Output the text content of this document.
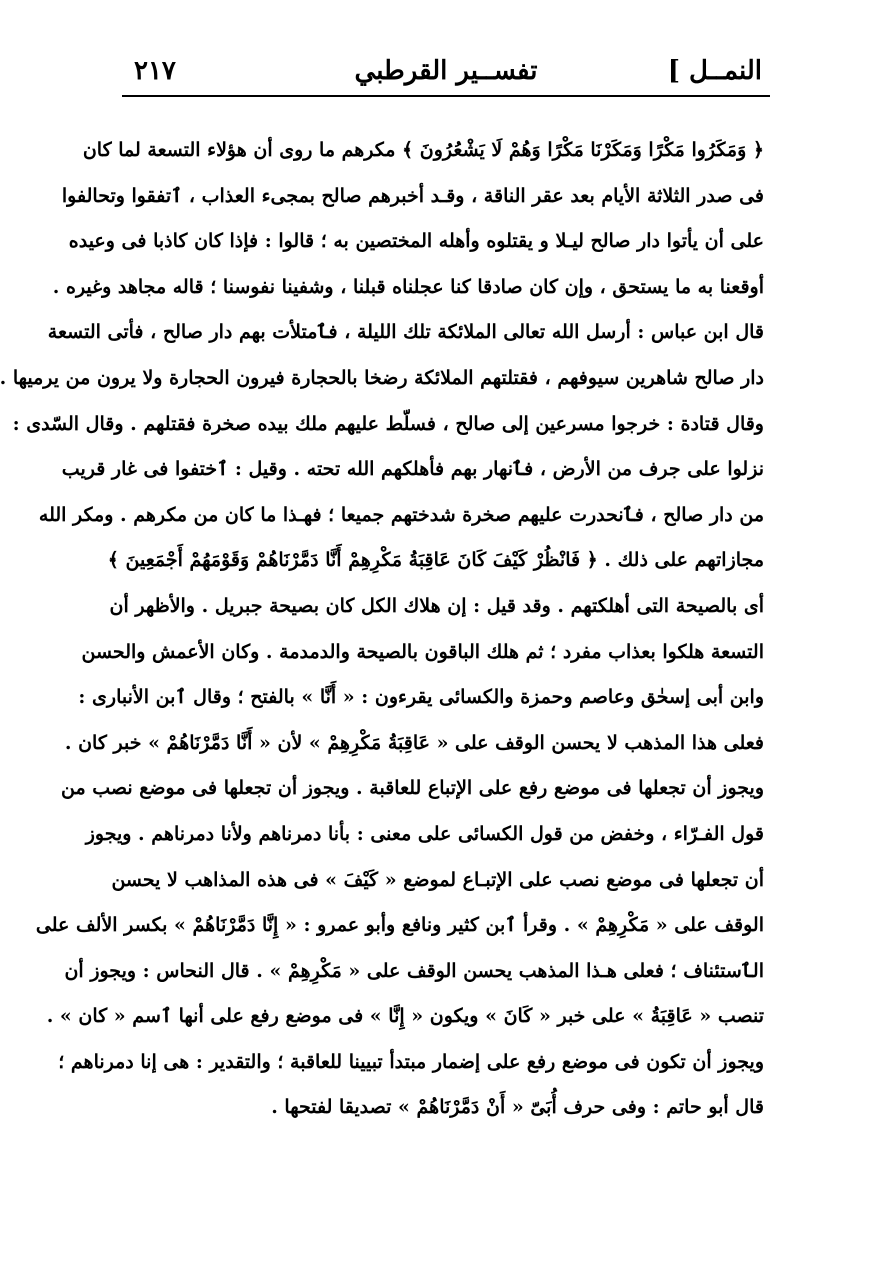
النمــل ]
تفســير القرطبي
٢١٧
﴿ وَمَكَرُوا مَكْرًا وَمَكَرْنَا مَكْرًا وَهُمْ لَا يَشْعُرُونَ ﴾ مكرهم ما روى أن هؤلاء التسعة لما كان
فى صدر الثلاثة الأيام بعد عقر الناقة ، وقـد أخبرهم صالح بمجىء العذاب ، ٱتفقوا وتحالفوا
على أن يأتوا دار صالح ليـلا و يقتلوه وأهله المختصين به ؛ قالوا : فإذا كان كاذبا فى وعيده
أوقعنا به ما يستحق ، وإن كان صادقا كنا عجلناه قبلنا ، وشفينا نفوسنا ؛ قاله مجاهد وغيره .
قال ابن عباس : أرسل الله تعالى الملائكة تلك الليلة ، فٱمتلأت بهم دار صالح ، فأتى التسعة
دار صالح شاهرين سيوفهم ، فقتلتهم الملائكة رضخا بالحجارة فيرون الحجارة ولا يرون من يرميها .
وقال قتادة : خرجوا مسرعين إلى صالح ، فسلّط عليهم ملك بيده صخرة فقتلهم . وقال السّدى :
نزلوا على جرف من الأرض ، فٱنهار بهم فأهلكهم الله تحته . وقيل : ٱختفوا فى غار قريب
من دار صالح ، فٱنحدرت عليهم صخرة شدختهم جميعا ؛ فهـذا ما كان من مكرهم . ومكر الله
مجازاتهم على ذلك . ﴿ فَانْظُرْ كَيْفَ كَانَ عَاقِبَةُ مَكْرِهِمْ أَنَّا دَمَّرْنَاهُمْ وَقَوْمَهُمْ أَجْمَعِينَ ﴾
أى بالصيحة التى أهلكتهم . وقد قيل : إن هلاك الكل كان بصيحة جبريل . والأظهر أن
التسعة هلكوا بعذاب مفرد ؛ ثم هلك الباقون بالصيحة والدمدمة . وكان الأعمش والحسن
وابن أبى إسحٰق وعاصم وحمزة والكسائى يقرءون : « أَنَّا » بالفتح ؛ وقال ٱبن الأنبارى :
فعلى هذا المذهب لا يحسن الوقف على « عَاقِبَةُ مَكْرِهِمْ » لأن « أَنَّا دَمَّرْنَاهُمْ » خبر كان .
ويجوز أن تجعلها فى موضع رفع على الإتباع للعاقبة . ويجوز أن تجعلها فى موضع نصب من
قول الفـرّاء ، وخفض من قول الكسائى على معنى : بأنا دمرناهم ولأنا دمرناهم . ويجوز
أن تجعلها فى موضع نصب على الإتبـاع لموضع « كَيْفَ » فى هذه المذاهب لا يحسن
الوقف على « مَكْرِهِمْ » . وقرأ ٱبن كثير ونافع وأبو عمرو : « إِنَّا دَمَّرْنَاهُمْ » بكسر الألف على
الٱستئناف ؛ فعلى هـذا المذهب يحسن الوقف على « مَكْرِهِمْ » . قال النحاس : ويجوز أن
تنصب « عَاقِبَةُ » على خبر « كَانَ » ويكون « إِنَّا » فى موضع رفع على أنها ٱسم « كان » .
ويجوز أن تكون فى موضع رفع على إضمار مبتدأ تبيينا للعاقبة ؛ والتقدير : هى إنا دمرناهم ؛
قال أبو حاتم : وفى حرف أُبَىّ « أَنْ دَمَّرْنَاهُمْ » تصديقا لفتحها .
